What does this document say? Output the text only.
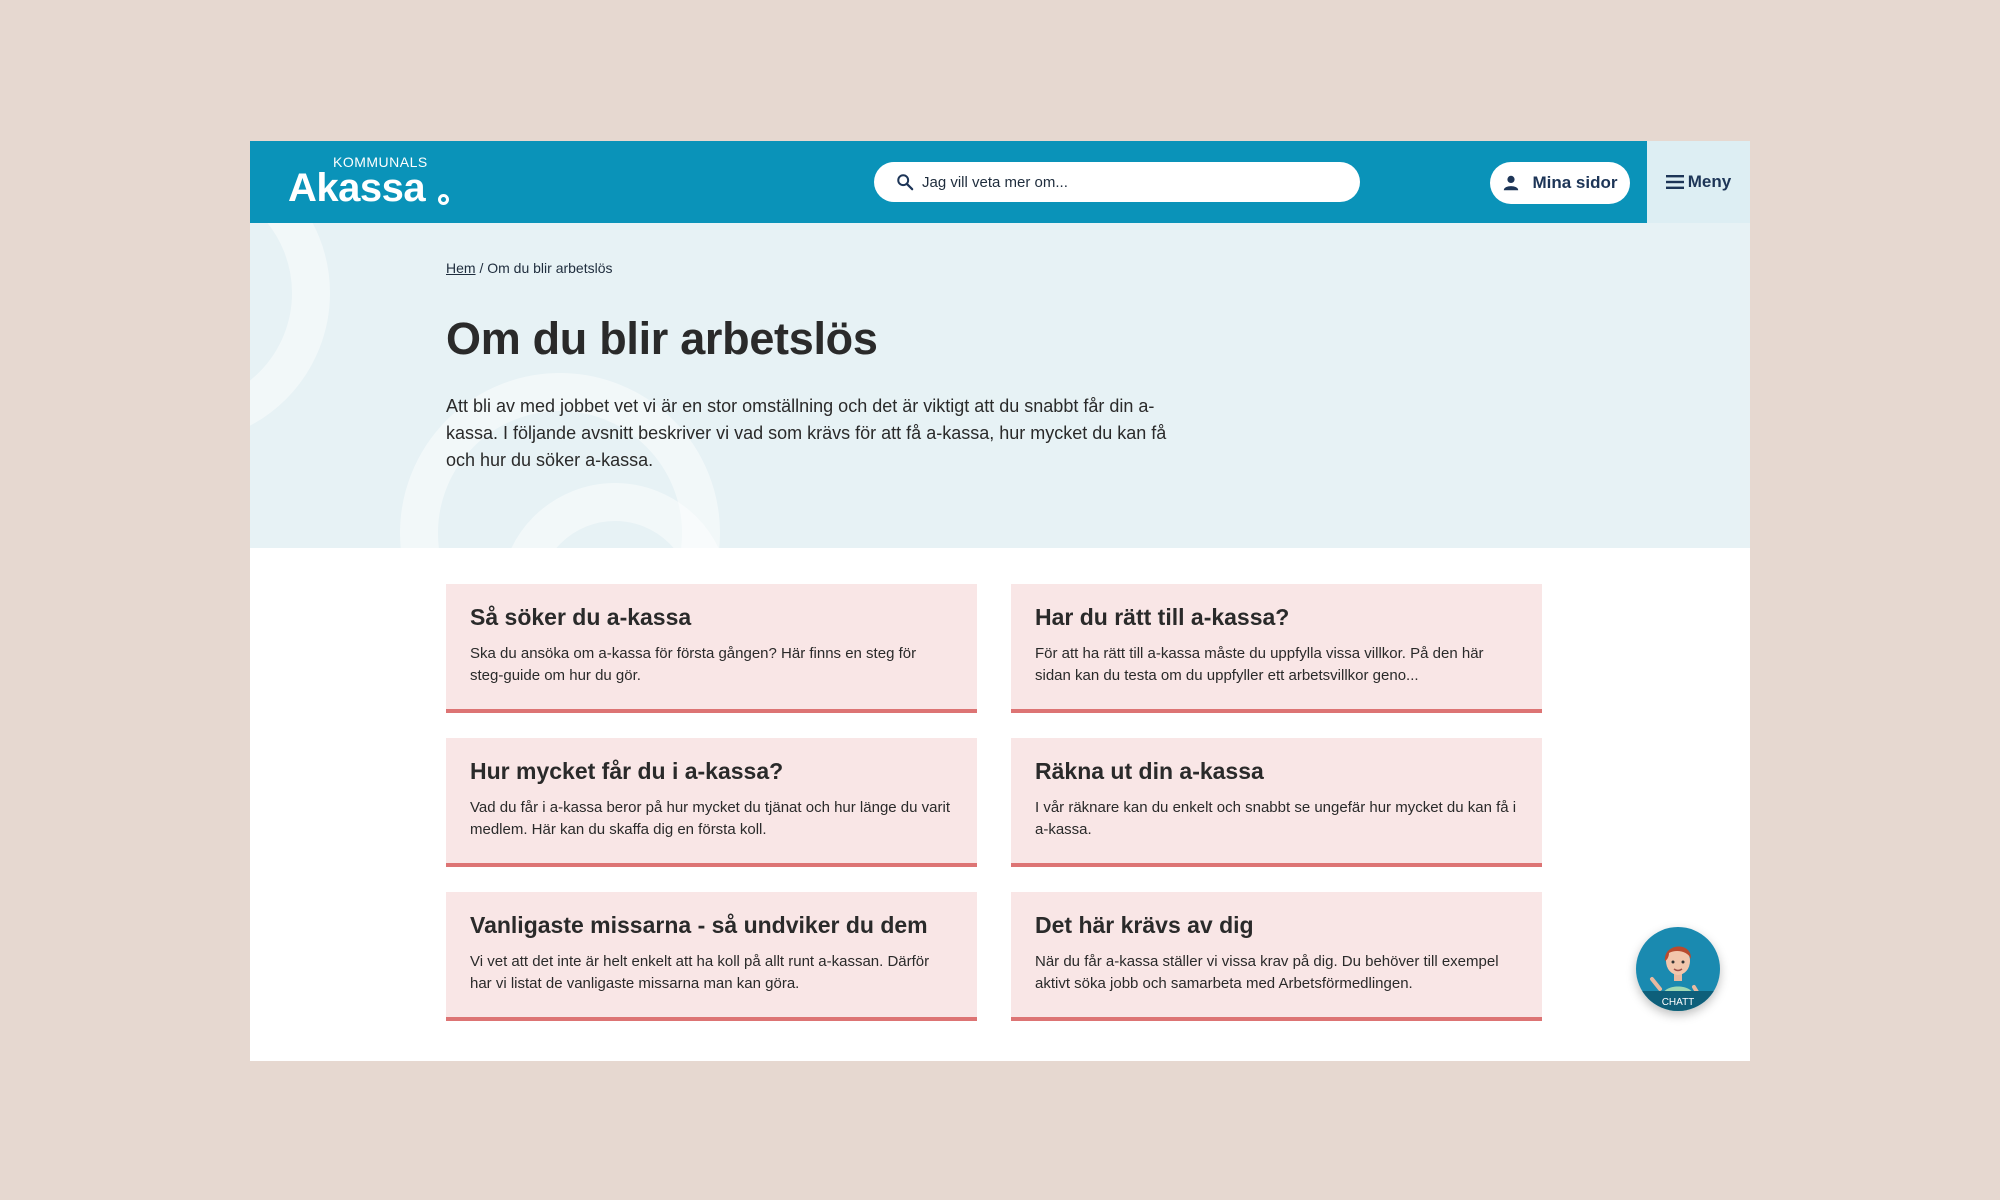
KOMMUNALS
Akassa	Jag vill veta mer om...	Mina sidor	Meny
Hem / Om du blir arbetslös
Om du blir arbetslös

Att bli av med jobbet vet vi är en stor omställning och det är viktigt att du snabbt får din a-kassa. I följande avsnitt beskriver vi vad som krävs för att få a-kassa, hur mycket du kan få och hur du söker a-kassa.

Så söker du a-kassa
Ska du ansöka om a-kassa för första gången? Här finns en steg för steg-guide om hur du gör.
Har du rätt till a-kassa?
För att ha rätt till a-kassa måste du uppfylla vissa villkor. På den här sidan kan du testa om du uppfyller ett arbetsvillkor geno...
Hur mycket får du i a-kassa?
Vad du får i a-kassa beror på hur mycket du tjänat och hur länge du varit medlem. Här kan du skaffa dig en första koll.
Räkna ut din a-kassa
I vår räknare kan du enkelt och snabbt se ungefär hur mycket du kan få i a-kassa.
Vanligaste missarna - så undviker du dem
Vi vet att det inte är helt enkelt att ha koll på allt runt a-kassan. Därför har vi listat de vanligaste missarna man kan göra.
Det här krävs av dig
När du får a-kassa ställer vi vissa krav på dig. Du behöver till exempel aktivt söka jobb och samarbeta med Arbetsförmedlingen.
CHATT
